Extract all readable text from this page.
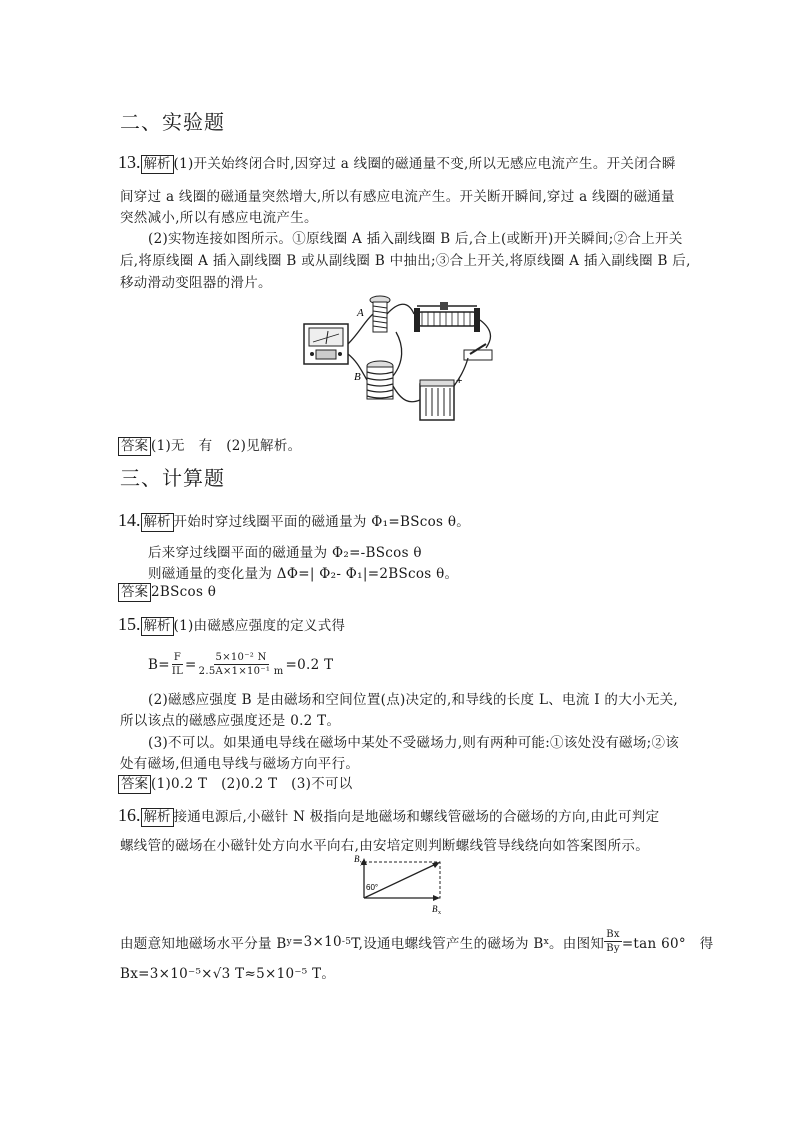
二、实验题
13. 解析 (1)开关始终闭合时,因穿过 a 线圈的磁通量不变,所以无感应电流产生。开关闭合瞬
间穿过 a 线圈的磁通量突然增大,所以有感应电流产生。开关断开瞬间,穿过 a 线圈的磁通量
突然减小,所以有感应电流产生。
(2)实物连接如图所示。①原线圈 A 插入副线圈 B 后,合上(或断开)开关瞬间;②合上开关
后,将原线圈 A 插入副线圈 B 或从副线圈 B 中抽出;③合上开关,将原线圈 A 插入副线圈 B 后,
移动滑动变阻器的滑片。
A
B	+
答案 (1)无　有　(2)见解析。
三、计算题
14. 解析 开始时穿过线圈平面的磁通量为 Φ₁=BScos θ。
后来穿过线圈平面的磁通量为 Φ₂=-BScos θ
则磁通量的变化量为 ΔΦ=| Φ₂- Φ₁|=2BScos θ。
答案 2BScos θ
15. 解析 (1)由磁感应强度的定义式得
$B= \frac{F}{IL} = \frac{\text{5×10⁻² N}}{\text{2.5A×1×10⁻¹ m}} =0.2$ T
(2)磁感应强度 B 是由磁场和空间位置(点)决定的,和导线的长度 L、电流 I 的大小无关,
所以该点的磁感应强度还是 0.2 T。
(3)不可以。如果通电导线在磁场中某处不受磁场力,则有两种可能:①该处没有磁场;②该
处有磁场,但通电导线与磁场方向平行。
答案 (1)0.2 T　(2)0.2 T　(3)不可以
16. 解析 接通电源后,小磁针 N 极指向是地磁场和螺线管磁场的合磁场的方向,由此可判定
螺线管的磁场在小磁针处方向水平向右,由安培定则判断螺线管导线绕向如答案图所示。
B y
60°
B x
由题意知地磁场水平分量 B y =3×10 -5 T,设通电螺线管产生的磁场为 B x 。由图知 $\frac{Bx}{By} =\tan$ 60°　得
Bx=3×10⁻⁵×√3 T≈5×10⁻⁵ T。
